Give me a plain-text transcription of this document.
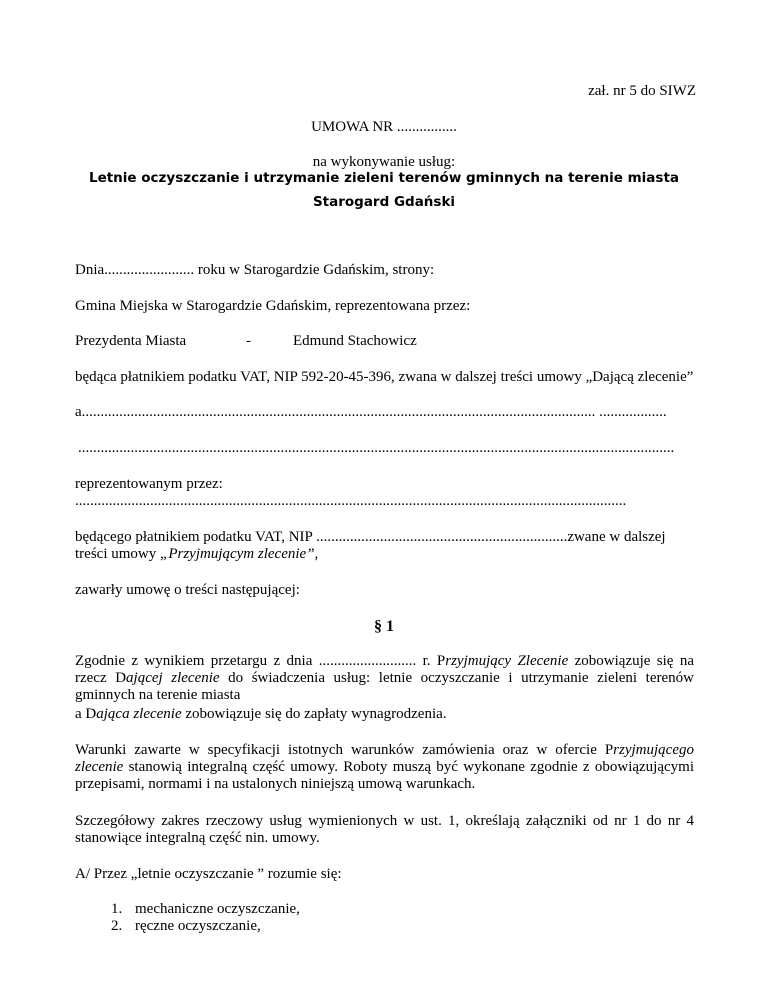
zał. nr 5 do SIWZ
UMOWA NR ................
na wykonywanie usług:
Letnie oczyszczanie i utrzymanie zieleni terenów gminnych na terenie miasta
Starogard Gdański
Dnia........................ roku w Starogardzie Gdańskim, strony:
Gmina Miejska w Starogardzie Gdańskim, reprezentowana przez:
Prezydenta Miasta	-	Edmund Stachowicz
będąca płatnikiem podatku VAT, NIP 592-20-45-396, zwana w dalszej treści umowy „Dającą zlecenie”
a......................................................................................................................................... ..................
...............................................................................................................................................................
reprezentowanym przez:
...................................................................................................................................................
będącego płatnikiem podatku VAT, NIP ...................................................................zwane w dalszej
treści umowy „Przyjmującym zlecenie”,
zawarły umowę o treści następującej:
§ 1
Zgodnie z wynikiem przetargu z dnia .......................... r. Przyjmujący Zlecenie zobowiązuje się na rzecz Dającej zlecenie do świadczenia usług: letnie oczyszczanie i utrzymanie zieleni terenów gminnych na terenie miasta
a Dająca zlecenie zobowiązuje się do zapłaty wynagrodzenia.
Warunki zawarte w specyfikacji istotnych warunków zamówienia oraz w ofercie Przyjmującego zlecenie stanowią integralną część umowy. Roboty muszą być wykonane zgodnie z obowiązującymi przepisami, normami i na ustalonych niniejszą umową warunkach.
Szczegółowy zakres rzeczowy usług wymienionych w ust. 1, określają załączniki od nr 1 do nr 4 stanowiące integralną część nin. umowy.
A/ Przez „letnie oczyszczanie ” rozumie się:
1. mechaniczne oczyszczanie,
2. ręczne oczyszczanie,
